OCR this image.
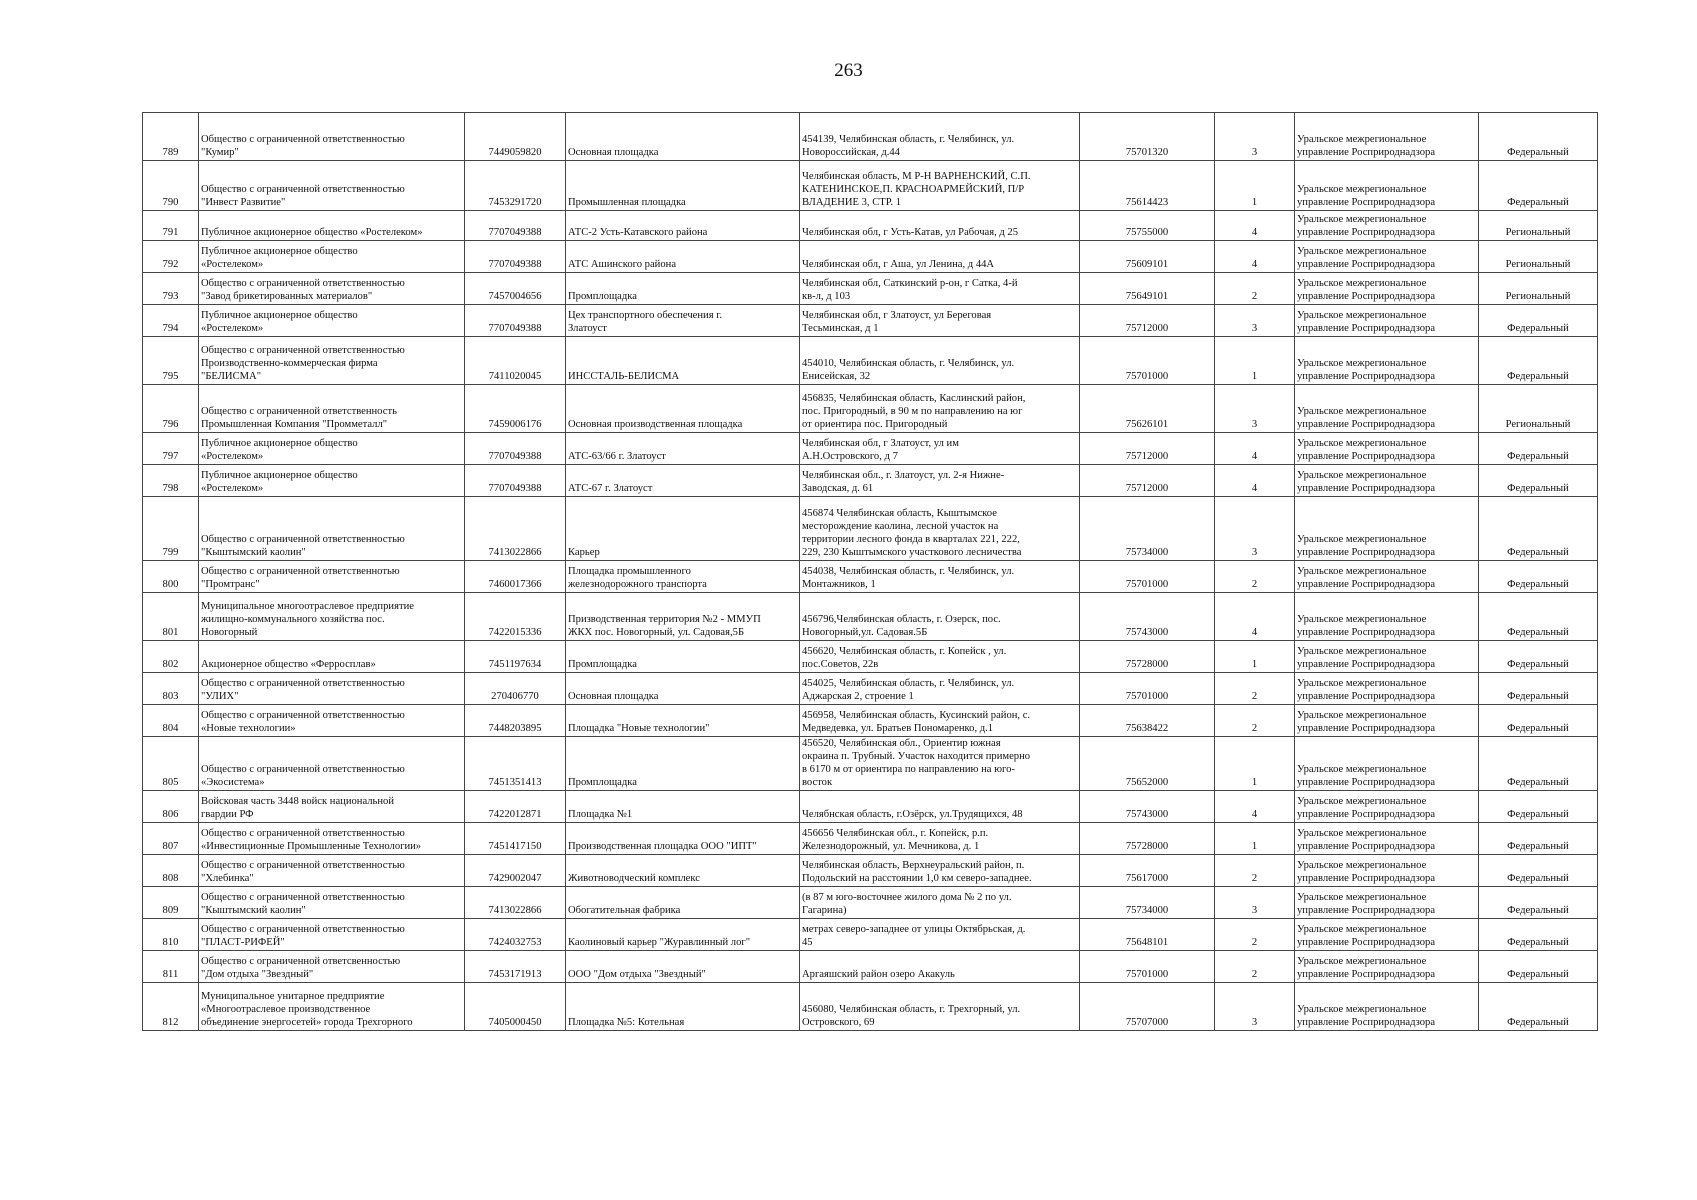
263
789	Общество с ограниченной ответственностью
"Кумир"	7449059820	Основная площадка	454139, Челябинская область, г. Челябинск, ул.
Новороссийская, д.44	75701320	3	Уральское межрегиональное
управление Росприроднадзора	Федеральный
790	Общество с ограниченной ответственностью
"Инвест Развитие"	7453291720	Промышленная площадка	Челябинская область, М Р-Н ВАРНЕНСКИЙ, С.П.
КАТЕНИНСКОЕ,П. КРАСНОАРМЕЙСКИЙ, П/Р
ВЛАДЕНИЕ 3, СТР. 1	75614423	1	Уральское межрегиональное
управление Росприроднадзора	Федеральный
791	Публичное акционерное общество «Ростелеком»	7707049388	АТС-2 Усть-Катавского района	Челябинская обл, г Усть-Катав, ул Рабочая, д 25	75755000	4	Уральское межрегиональное
управление Росприроднадзора	Региональный
792	Публичное акционерное общество
«Ростелеком»	7707049388	АТС Ашинского района	Челябинская обл, г Аша, ул Ленина, д 44А	75609101	4	Уральское межрегиональное
управление Росприроднадзора	Региональный
793	Общество с ограниченной ответственностью
"Завод брикетированных материалов"	7457004656	Промплощадка	Челябинская обл, Саткинский р-он, г Сатка, 4-й
кв-л, д 103	75649101	2	Уральское межрегиональное
управление Росприроднадзора	Региональный
794	Публичное акционерное общество
«Ростелеком»	7707049388	Цех транспортного обеспечения г.
Златоуст	Челябинская обл, г Златоуст, ул Береговая
Тесьминская, д 1	75712000	3	Уральское межрегиональное
управление Росприроднадзора	Федеральный
795	Общество с ограниченной ответственностью
Производственно-коммерческая фирма
"БЕЛИСМА"	7411020045	ИНССТАЛЬ-БЕЛИСМА	454010, Челябинская область, г. Челябинск, ул.
Енисейская, 32	75701000	1	Уральское межрегиональное
управление Росприроднадзора	Федеральный
796	Общество с ограниченной ответственность
Промышленная Компания "Промметалл"	7459006176	Основная производственная площадка	456835, Челябинская область, Каслинский район,
пос. Пригородный, в 90 м по направлению на юг
от ориентира пос. Пригородный	75626101	3	Уральское межрегиональное
управление Росприроднадзора	Региональный
797	Публичное акционерное общество
«Ростелеком»	7707049388	АТС-63/66 г. Златоуст	Челябинская обл, г Златоуст, ул им
А.Н.Островского, д 7	75712000	4	Уральское межрегиональное
управление Росприроднадзора	Федеральный
798	Публичное акционерное общество
«Ростелеком»	7707049388	АТС-67 г. Златоуст	Челябинская обл., г. Златоуст, ул. 2-я Нижне-
Заводская, д. 61	75712000	4	Уральское межрегиональное
управление Росприроднадзора	Федеральный
799	Общество с ограниченной ответственностью
"Кыштымский каолин"	7413022866	Карьер	456874 Челябинская область, Кыштымское
месторождение каолина, лесной участок на
территории лесного фонда в кварталах 221, 222,
229, 230 Кыштымского участкового лесничества	75734000	3	Уральское межрегиональное
управление Росприроднадзора	Федеральный
800	Общество с ограниченной ответственнотью
"Промтранс"	7460017366	Площадка промышленного
железнодорожного транспорта	454038, Челябинская область, г. Челябинск, ул.
Монтажников, 1	75701000	2	Уральское межрегиональное
управление Росприроднадзора	Федеральный
801	Муниципальное многоотраслевое предприятие
жилищно-коммунального хозяйства пос.
Новогорный	7422015336	Призводственная территория №2 - ММУП
ЖКХ пос. Новогорный, ул. Садовая,5Б	456796,Челябинская область, г. Озерск, пос.
Новогорный,ул. Садовая.5Б	75743000	4	Уральское межрегиональное
управление Росприроднадзора	Федеральный
802	Акционерное общество «Ферросплав»	7451197634	Промплощадка	456620, Челябинская область, г. Копейск , ул.
пос.Советов, 22в	75728000	1	Уральское межрегиональное
управление Росприроднадзора	Федеральный
803	Общество с ограниченной ответственностью
"УЛИХ"	270406770	Основная площадка	454025, Челябинская область, г. Челябинск, ул.
Аджарская 2, строение 1	75701000	2	Уральское межрегиональное
управление Росприроднадзора	Федеральный
804	Общество с ограниченной ответственностью
«Новые технологии»	7448203895	Площадка "Новые технологии"	456958, Челябинская область, Кусинский район, с.
Медведевка, ул. Братьев Пономаренко, д.1	75638422	2	Уральское межрегиональное
управление Росприроднадзора	Федеральный
805	Общество с ограниченной ответственностью
«Экосистема»	7451351413	Промплощадка	456520, Челябинская обл., Ориентир южная
окраина п. Трубный. Участок находится примерно
в 6170 м от ориентира по направлению на юго-
восток	75652000	1	Уральское межрегиональное
управление Росприроднадзора	Федеральный
806	Войсковая часть 3448 войск национальной
гвардии РФ	7422012871	Площадка №1	Челябнская область, г.Озёрск, ул.Трудящихся, 48	75743000	4	Уральское межрегиональное
управление Росприроднадзора	Федеральный
807	Общество с ограниченной ответственностью
«Инвестиционные Промышленные Технологии»	7451417150	Производственная площадка ООО "ИПТ"	456656 Челябинская обл., г. Копейск, р.п.
Железнодорожный, ул. Мечникова, д. 1	75728000	1	Уральское межрегиональное
управление Росприроднадзора	Федеральный
808	Общество с ограниченной ответственностью
"Хлебинка"	7429002047	Животноводческий комплекс	Челябинская область, Верхнеуральский район, п.
Подольский на расстоянии 1,0 км северо-западнее.	75617000	2	Уральское межрегиональное
управление Росприроднадзора	Федеральный
809	Общество с ограниченной ответственностью
"Кыштымский каолин"	7413022866	Обогатительная фабрика	(в 87 м юго-восточнее жилого дома № 2 по ул.
Гагарина)	75734000	3	Уральское межрегиональное
управление Росприроднадзора	Федеральный
810	Общество с ограниченной ответственностью
"ПЛАСТ-РИФЕЙ"	7424032753	Каолиновый карьер "Журавлинный лог"	метрах северо-западнее от улицы Октябрьская, д.
45	75648101	2	Уральское межрегиональное
управление Росприроднадзора	Федеральный
811	Общество с ограниченной ответсвенностью
"Дом отдыха "Звездный"	7453171913	ООО "Дом отдыха "Звездный"	Аргаяшский район озеро Акакуль	75701000	2	Уральское межрегиональное
управление Росприроднадзора	Федеральный
812	Муниципальное унитарное предприятие
«Многоотраслевое производственное
объединение энергосетей» города Трехгорного	7405000450	Площадка №5: Котельная	456080, Челябинская область, г. Трехгорный, ул.
Островского, 69	75707000	3	Уральское межрегиональное
управление Росприроднадзора	Федеральный
